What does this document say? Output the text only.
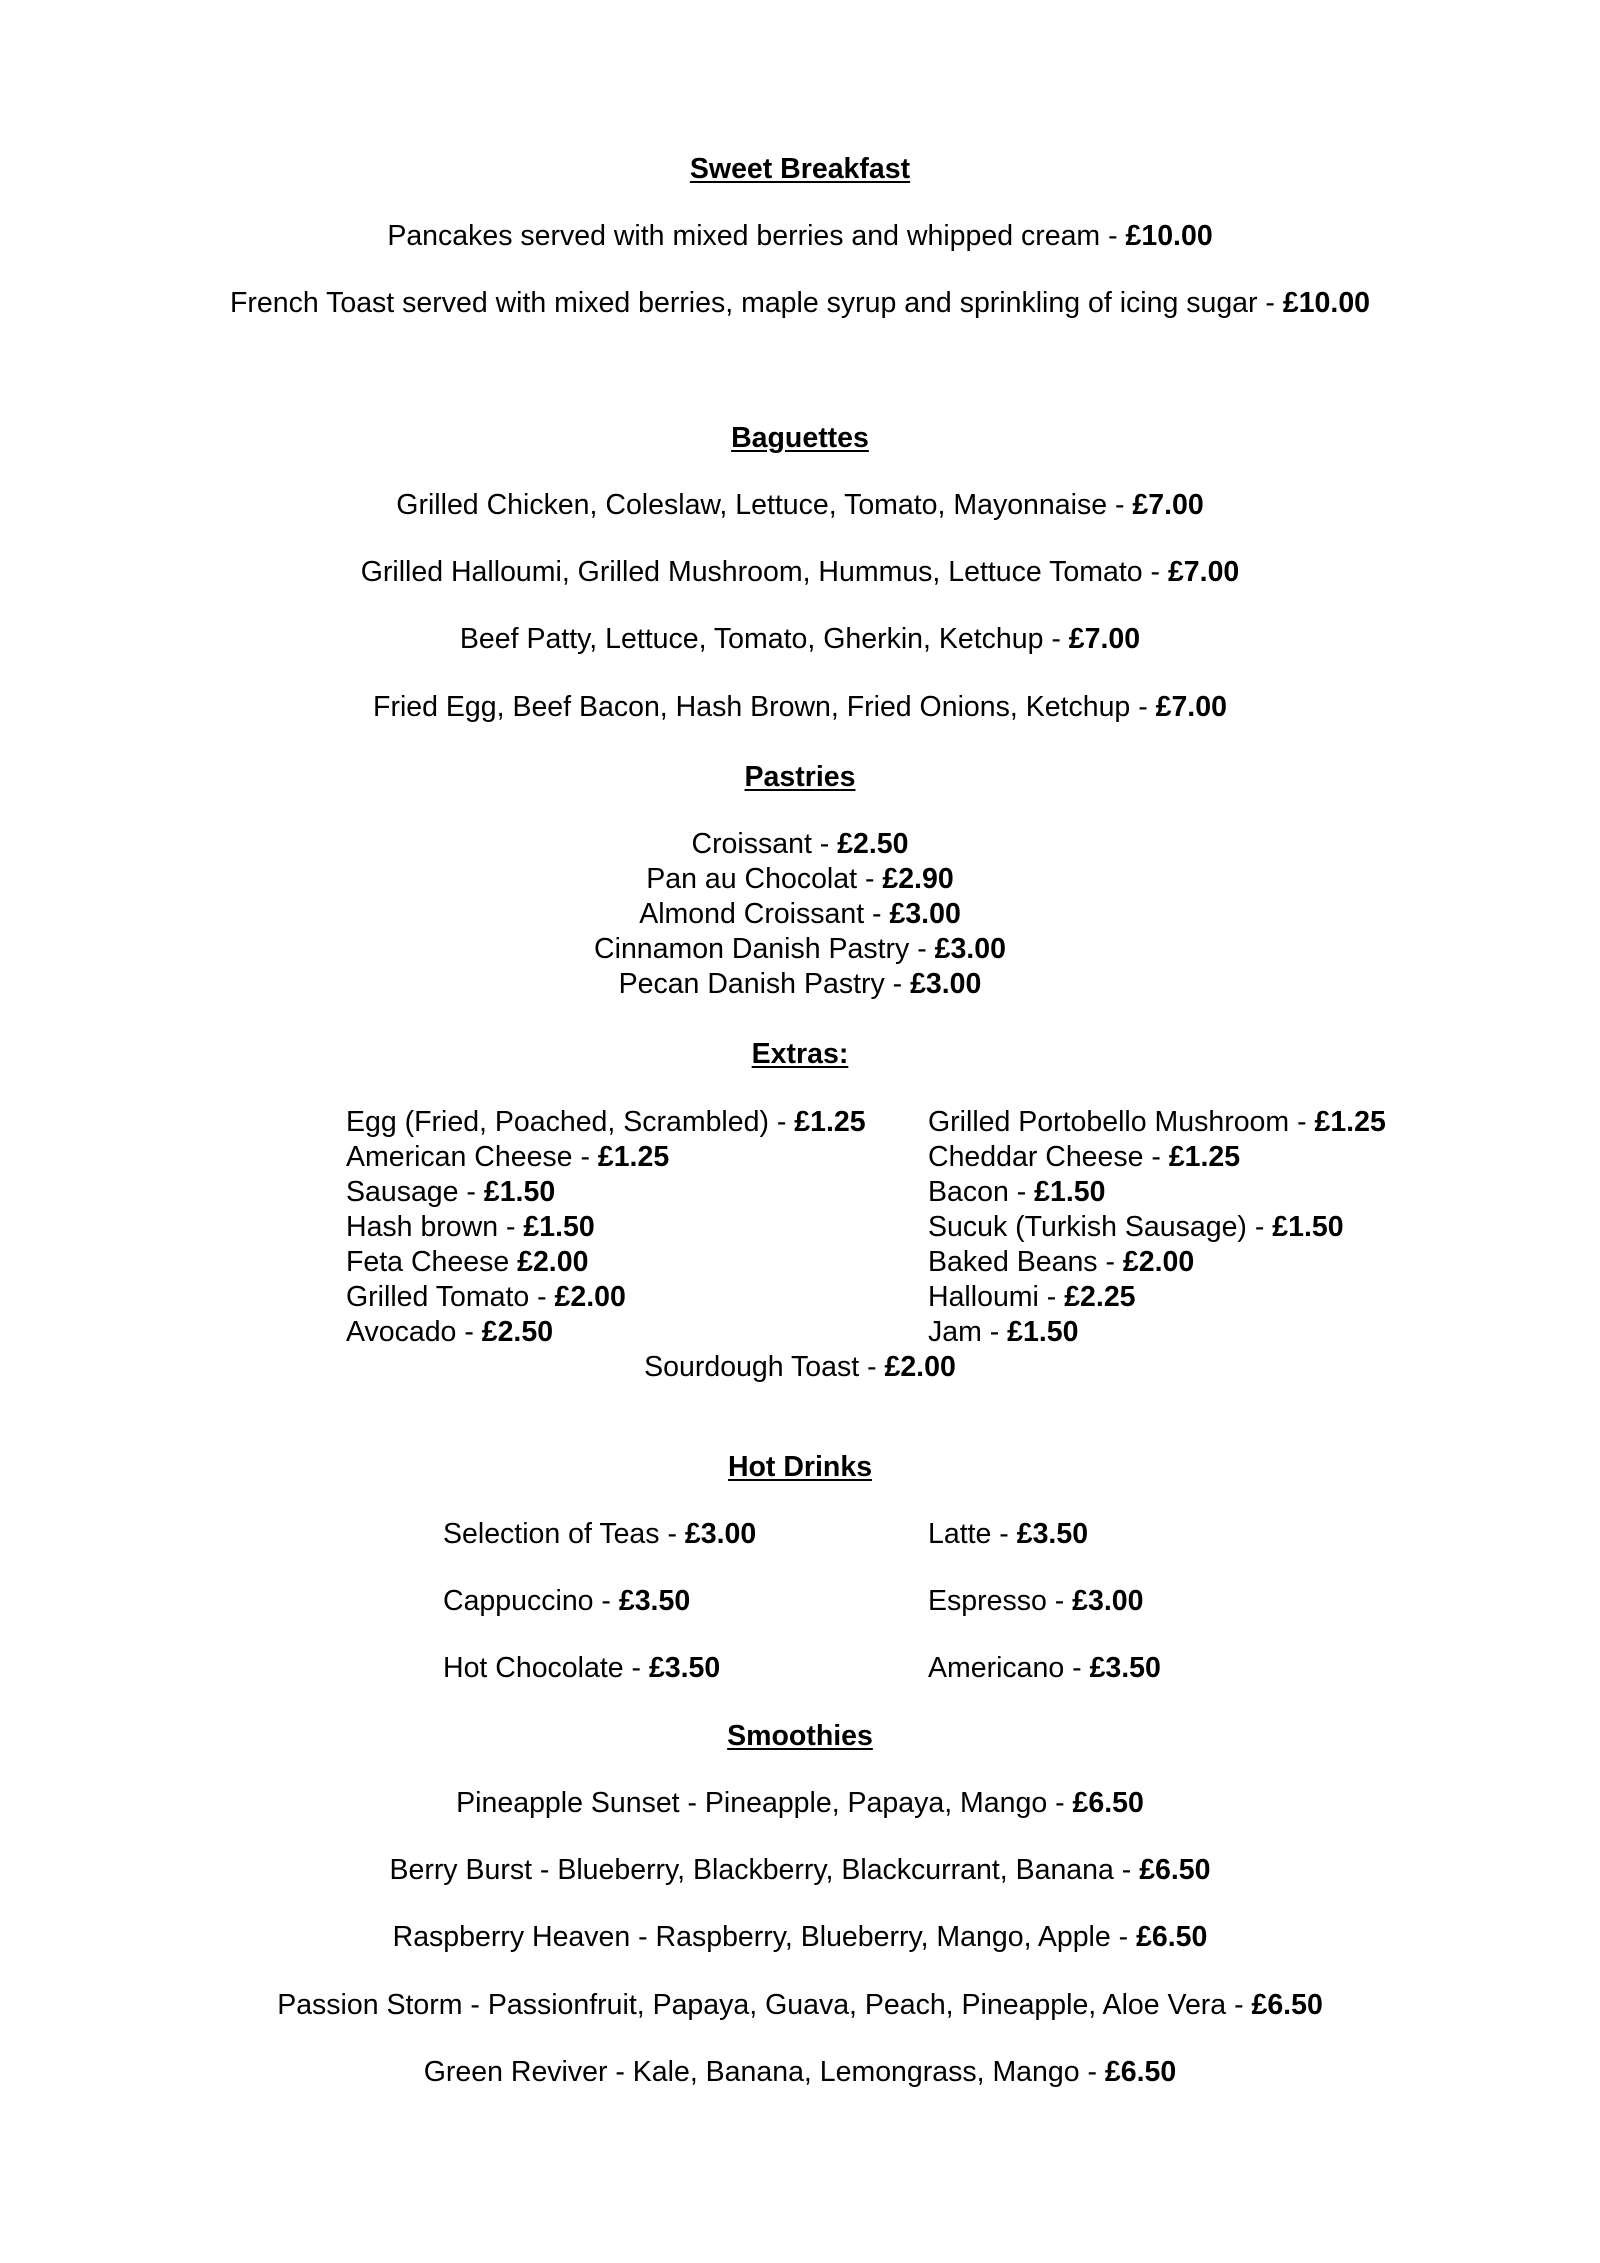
Sweet Breakfast
Pancakes served with mixed berries and whipped cream - £10.00
French Toast served with mixed berries, maple syrup and sprinkling of icing sugar - £10.00
Baguettes
Grilled Chicken, Coleslaw, Lettuce, Tomato, Mayonnaise - £7.00
Grilled Halloumi, Grilled Mushroom, Hummus, Lettuce Tomato - £7.00
Beef Patty, Lettuce, Tomato, Gherkin, Ketchup - £7.00
Fried Egg, Beef Bacon, Hash Brown, Fried Onions, Ketchup - £7.00
Pastries
Croissant - £2.50
Pan au Chocolat - £2.90
Almond Croissant - £3.00
Cinnamon Danish Pastry - £3.00
Pecan Danish Pastry - £3.00
Extras:
Egg (Fried, Poached, Scrambled) - £1.25
American Cheese - £1.25
Sausage - £1.50
Hash brown - £1.50
Feta Cheese £2.00
Grilled Tomato - £2.00
Avocado - £2.50
Grilled Portobello Mushroom - £1.25
Cheddar Cheese - £1.25
Bacon - £1.50
Sucuk (Turkish Sausage) - £1.50
Baked Beans - £2.00
Halloumi - £2.25
Jam - £1.50
Sourdough Toast - £2.00
Hot Drinks
Selection of Teas - £3.00
Cappuccino - £3.50
Hot Chocolate - £3.50
Latte - £3.50
Espresso - £3.00
Americano - £3.50
Smoothies
Pineapple Sunset - Pineapple, Papaya, Mango - £6.50
Berry Burst - Blueberry, Blackberry, Blackcurrant, Banana - £6.50
Raspberry Heaven - Raspberry, Blueberry, Mango, Apple - £6.50
Passion Storm - Passionfruit, Papaya, Guava, Peach, Pineapple, Aloe Vera - £6.50
Green Reviver - Kale, Banana, Lemongrass, Mango - £6.50
